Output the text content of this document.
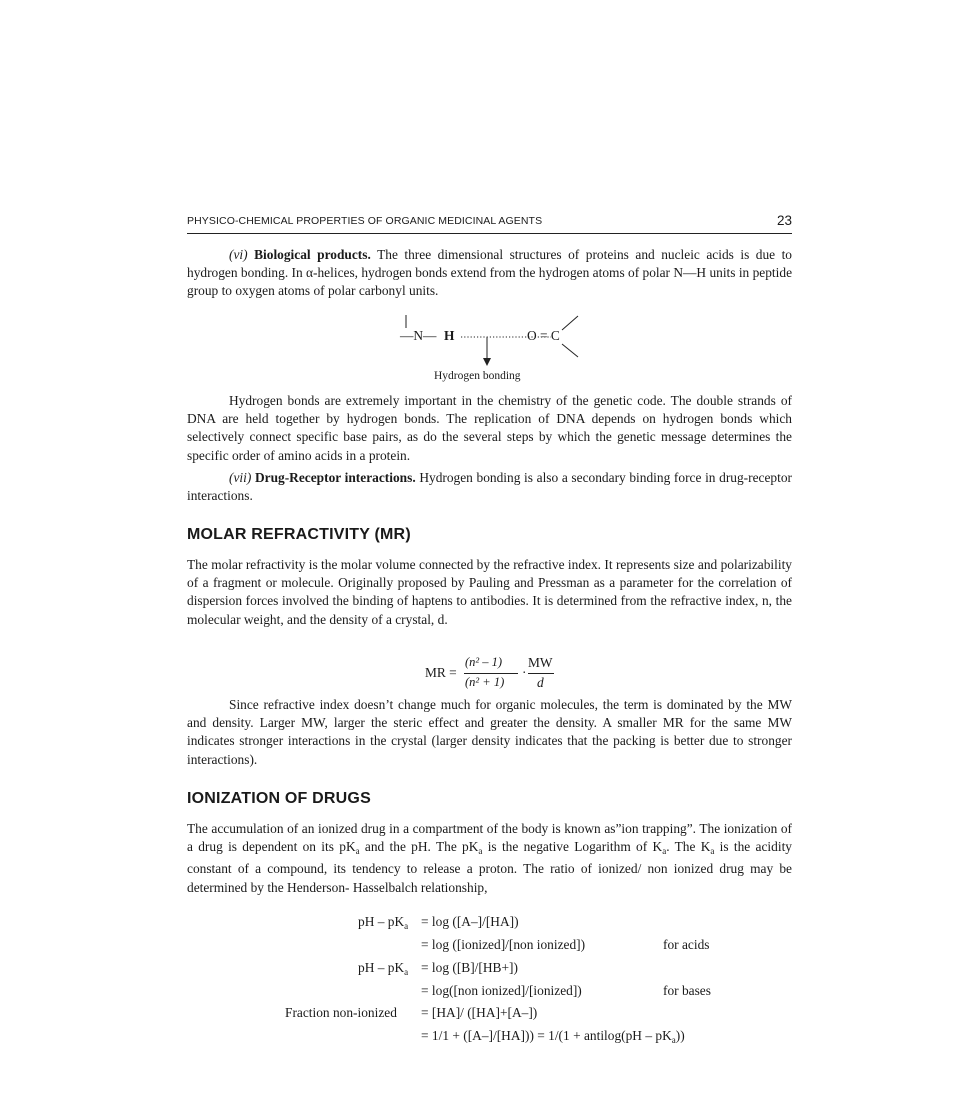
PHYSICO-CHEMICAL PROPERTIES OF ORGANIC MEDICINAL AGENTS	23

(vi) Biological products. The three dimensional structures of proteins and nucleic acids is due to hydrogen bonding. In α-helices, hydrogen bonds extend from the hydrogen atoms of polar N—H units in peptide group to oxygen atoms of polar carbonyl units.

—N— H	O = C
Hydrogen bonding

Hydrogen bonds are extremely important in the chemistry of the genetic code. The double strands of DNA are held together by hydrogen bonds. The replication of DNA depends on hydrogen bonds which selectively connect specific base pairs, as do the several steps by which the genetic message determines the specific order of amino acids in a protein.

(vii) Drug-Receptor interactions. Hydrogen bonding is also a secondary binding force in drug-receptor interactions.

MOLAR REFRACTIVITY (MR)

The molar refractivity is the molar volume connected by the refractive index. It represents size and polarizability of a fragment or molecule. Originally proposed by Pauling and Pressman as a parameter for the correlation of dispersion forces involved the binding of haptens to antibodies. It is determined from the refractive index, n, the molecular weight, and the density of a crystal, d.

MR =
(n² – 1)
(n² + 1)
·
MW
d

Since refractive index doesn’t change much for organic molecules, the term is dominated by the MW and density. Larger MW, larger the steric effect and greater the density. A smaller MR for the same MW indicates stronger interactions in the crystal (larger density indicates that the packing is better due to stronger interactions).

IONIZATION OF DRUGS

The accumulation of an ionized drug in a compartment of the body is known as”ion trapping”. The ionization of a drug is dependent on its $pK_a$ and the pH. The $pK_a$ is the negative Logarithm of $K_a$. The $K_a$ is the acidity constant of a compound, its tendency to release a proton. The ratio of ionized/ non ionized drug may be determined by the Henderson- Hasselbalch relationship,

pH – $pK_a = \log ([A-]/[HA])$
= log ([ionized]/[non ionized])	for acids
pH – $pK_a = \log ([B]/[HB+])$
= log([non ionized]/[ionized])	for bases
Fraction non-ionized = [HA]/ ([HA]+[A–])
= 1/1 + ([A–]/[HA])) = 1/(1 + antilog(pH – $pK_a$))
